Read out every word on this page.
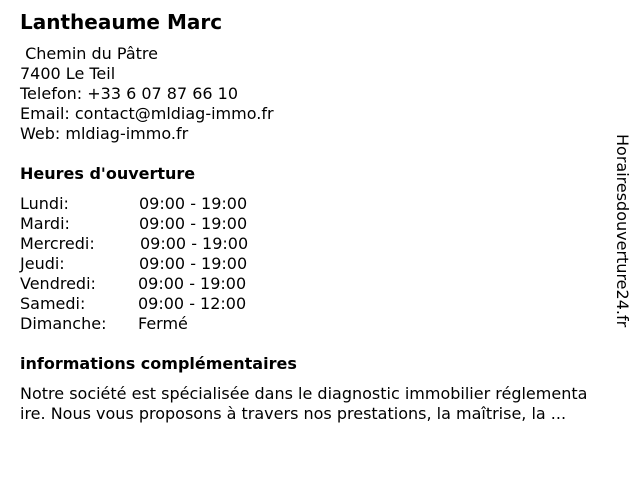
Lantheaume Marc
Chemin du Pâtre
7400 Le Teil
Telefon: +33 6 07 87 66 10
Email: contact@mldiag-immo.fr
Web: mldiag-immo.fr
Heures d'ouverture
Lundi:	09:00 - 19:00
Mardi:	09:00 - 19:00
Mercredi:	09:00 - 19:00
Jeudi:	09:00 - 19:00
Vendredi:	09:00 - 19:00
Samedi:	09:00 - 12:00
Dimanche: Fermé
informations complémentaires
Notre société est spécialisée dans le diagnostic immobilier réglementa
ire. Nous vous proposons à travers nos prestations, la maîtrise, la ...
Horairesdouverture24.fr
